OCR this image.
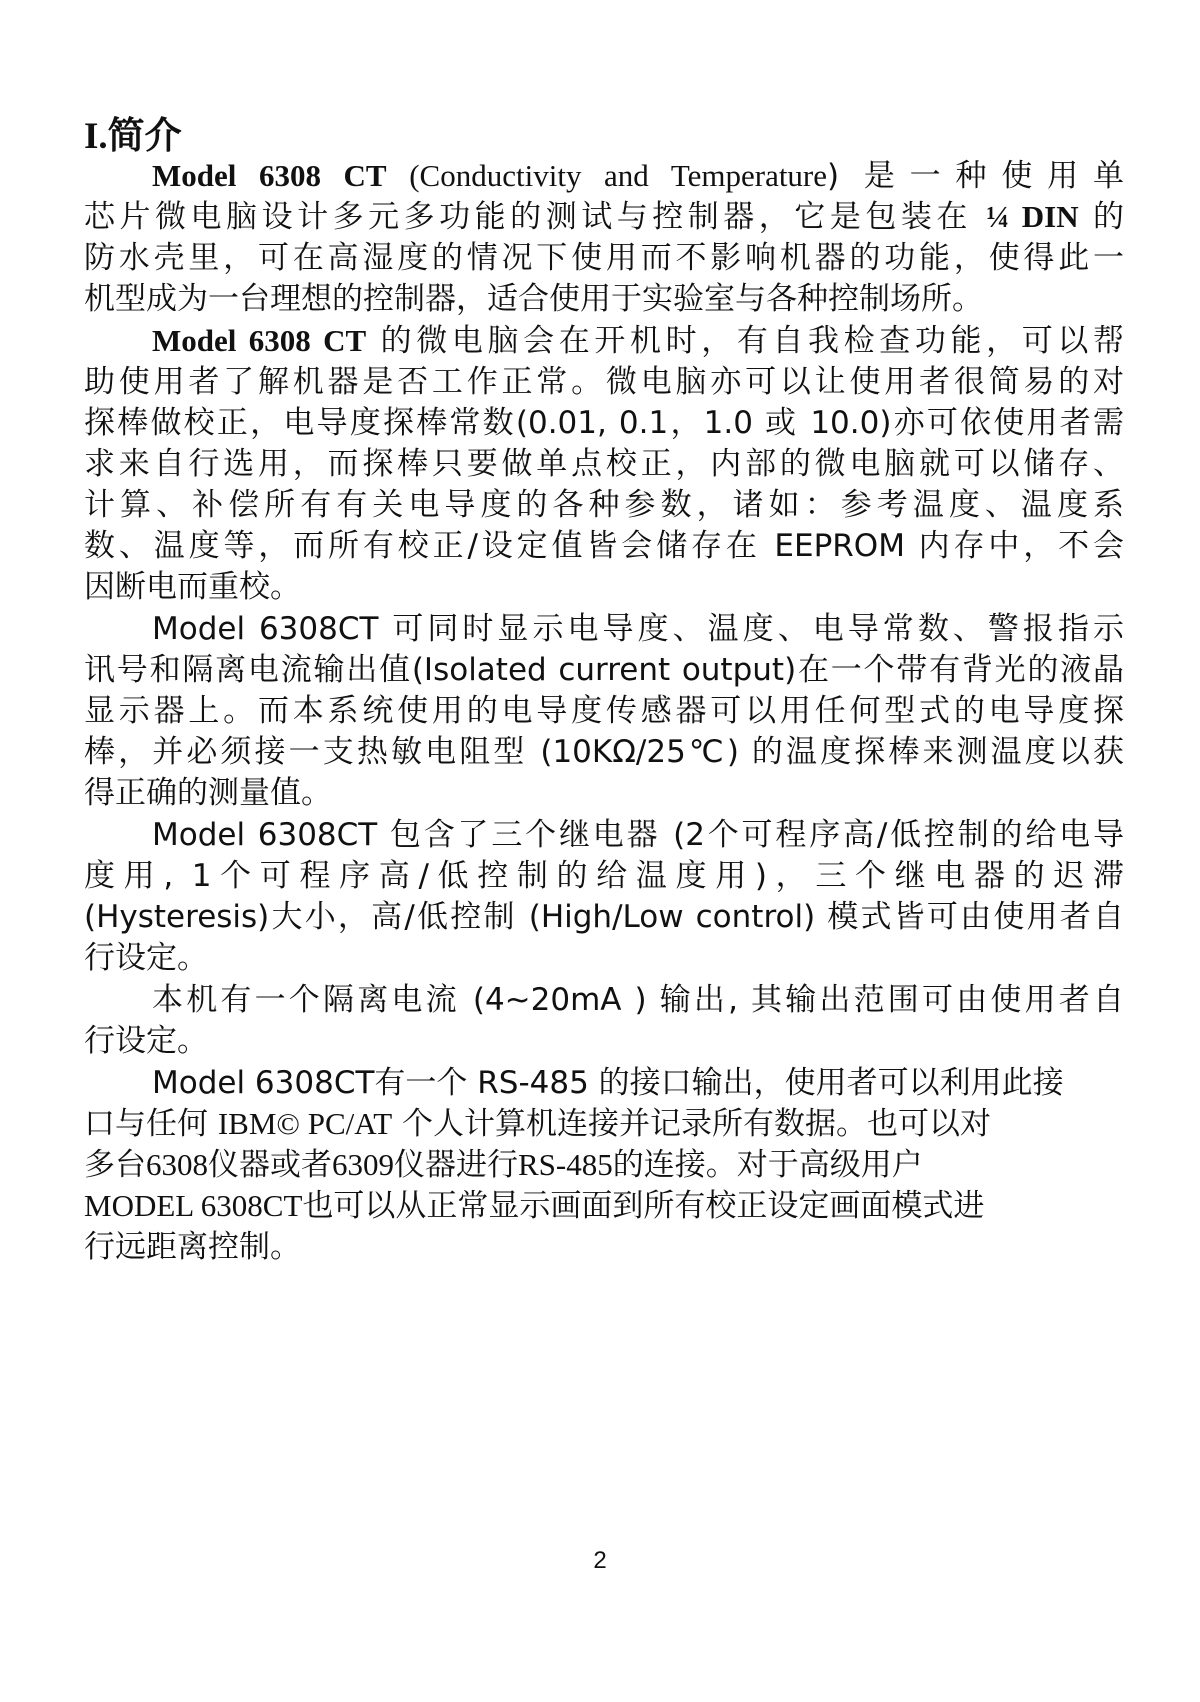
I.简介
Model 6308 CT (Conductivity and Temperature) 是一种使用单
芯片微电脑设计多元多功能的测试与控制器，它是包装在 ¼ DIN 的
防水壳里，可在高湿度的情况下使用而不影响机器的功能，使得此一
机型成为一台理想的控制器，适合使用于实验室与各种控制场所。
Model 6308 CT 的微电脑会在开机时，有自我检查功能，可以帮
助使用者了解机器是否工作正常。微电脑亦可以让使用者很简易的对
探棒做校正，电导度探棒常数(0.01, 0.1，1.0 或 10.0)亦可依使用者需
求来自行选用，而探棒只要做单点校正，内部的微电脑就可以储存、
计算、补偿所有有关电导度的各种参数，诸如：参考温度、温度系
数、温度等，而所有校正/设定值皆会储存在 EEPROM 内存中，不会
因断电而重校。
Model 6308CT 可同时显示电导度、温度、电导常数、警报指示
讯号和隔离电流输出值(Isolated current output)在一个带有背光的液晶
显示器上。而本系统使用的电导度传感器可以用任何型式的电导度探
棒，并必须接一支热敏电阻型 (10KΩ/25℃) 的温度探棒来测温度以获
得正确的测量值。
Model 6308CT 包含了三个继电器 (2个可程序高/低控制的给电导
度用, 1个可程序高/低控制的给温度用)，三个继电器的迟滞
(Hysteresis)大小，高/低控制 (High/Low control) 模式皆可由使用者自
行设定。
本机有一个隔离电流 (4~20mA ) 输出, 其输出范围可由使用者自
行设定。
Model 6308CT有一个 RS-485 的接口输出，使用者可以利用此接
口与任何 IBM© PC/AT 个人计算机连接并记录所有数据。也可以对
多台6308仪器或者6309仪器进行RS-485的连接。对于高级用户
MODEL 6308CT也可以从正常显示画面到所有校正设定画面模式进
行远距离控制。
2
